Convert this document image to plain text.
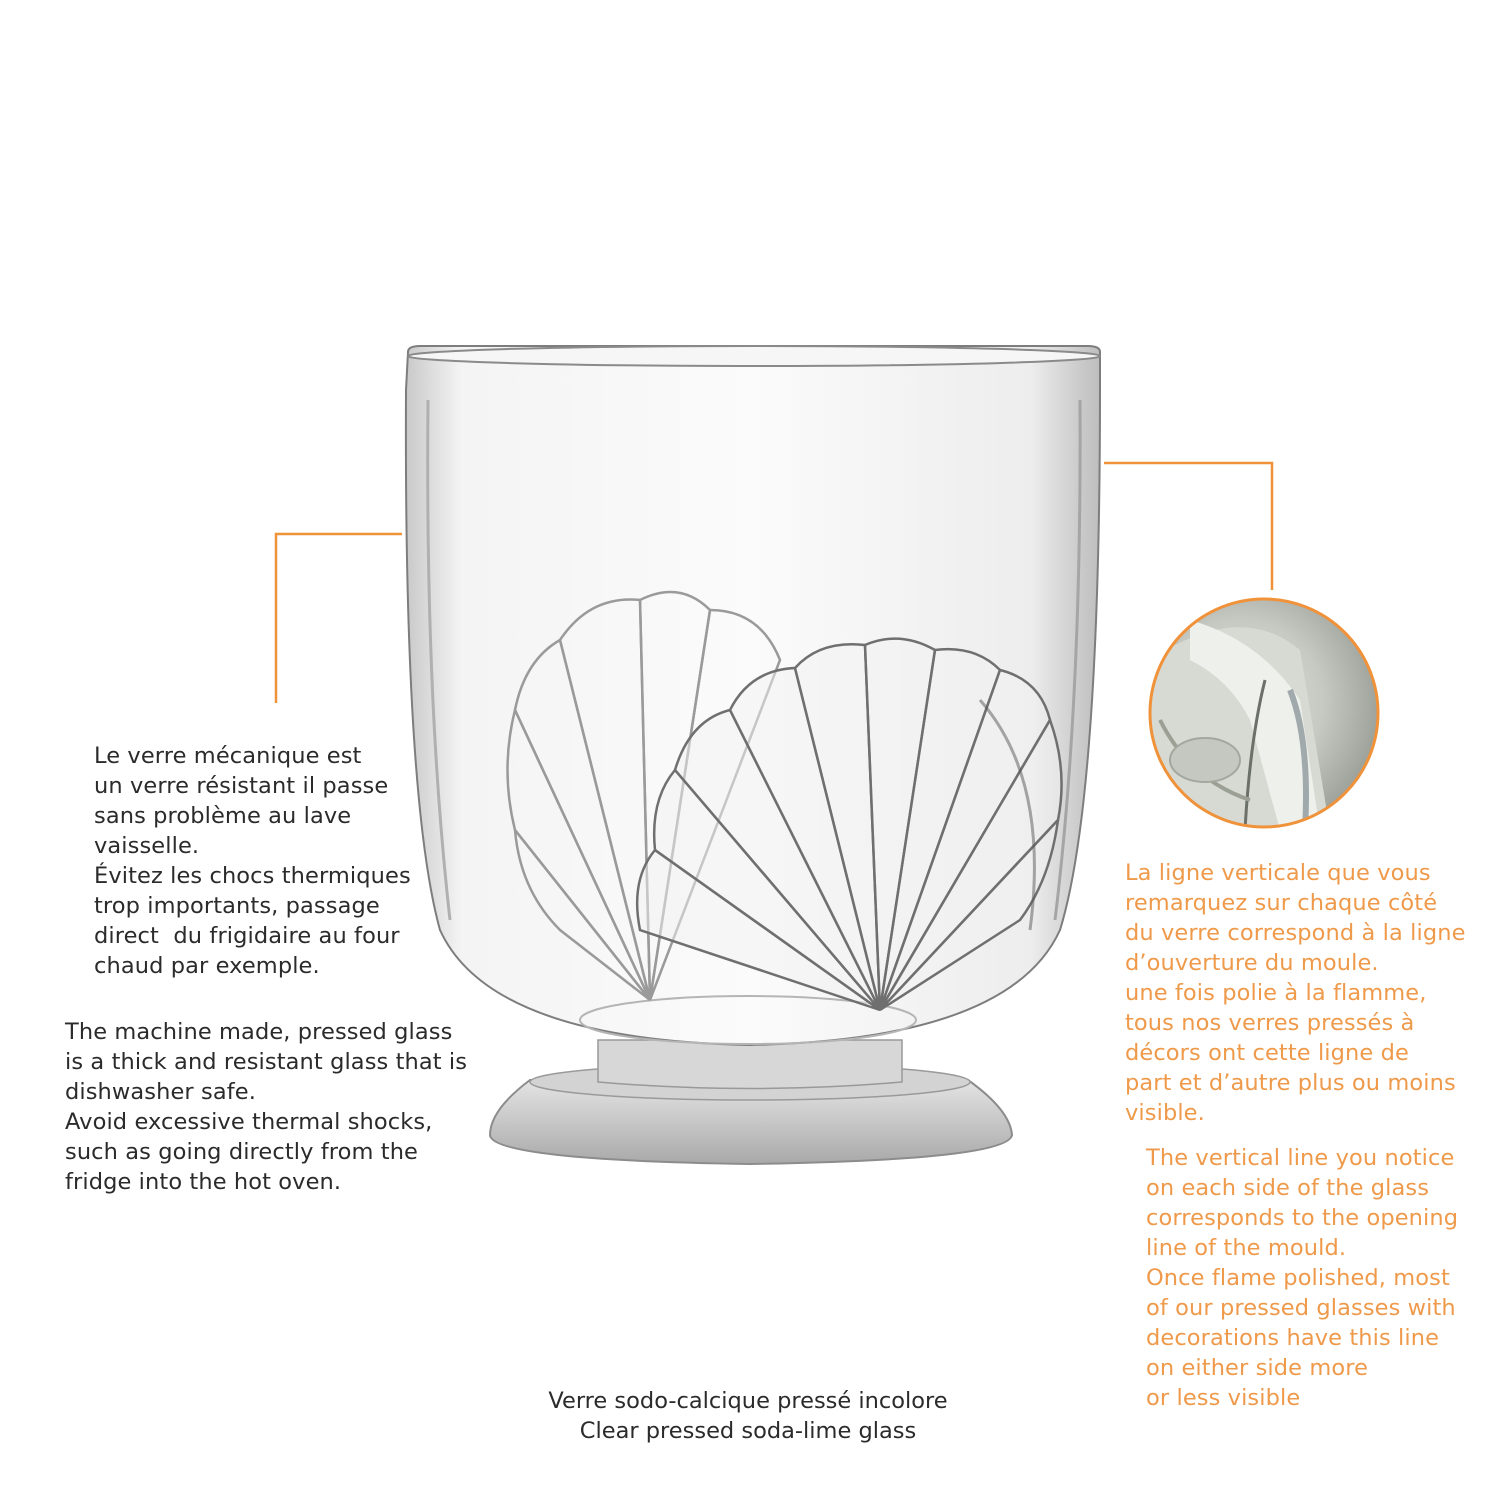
Le verre mécanique est
un verre résistant il passe
sans problème au lave
vaisselle.
Évitez les chocs thermiques
trop importants, passage
direct  du frigidaire au four
chaud par exemple.

The machine made, pressed glass
is a thick and resistant glass that is
dishwasher safe.
Avoid excessive thermal shocks,
such as going directly from the
fridge into the hot oven.

La ligne verticale que vous
remarquez sur chaque côté
du verre correspond à la ligne
d’ouverture du moule.
une fois polie à la flamme,
tous nos verres pressés à
décors ont cette ligne de
part et d’autre plus ou moins
visible.

The vertical line you notice
on each side of the glass
corresponds to the opening
line of the mould.
Once flame polished, most
of our pressed glasses with
decorations have this line
on either side more
or less visible

Verre sodo-calcique pressé incolore

Clear pressed soda-lime glass
